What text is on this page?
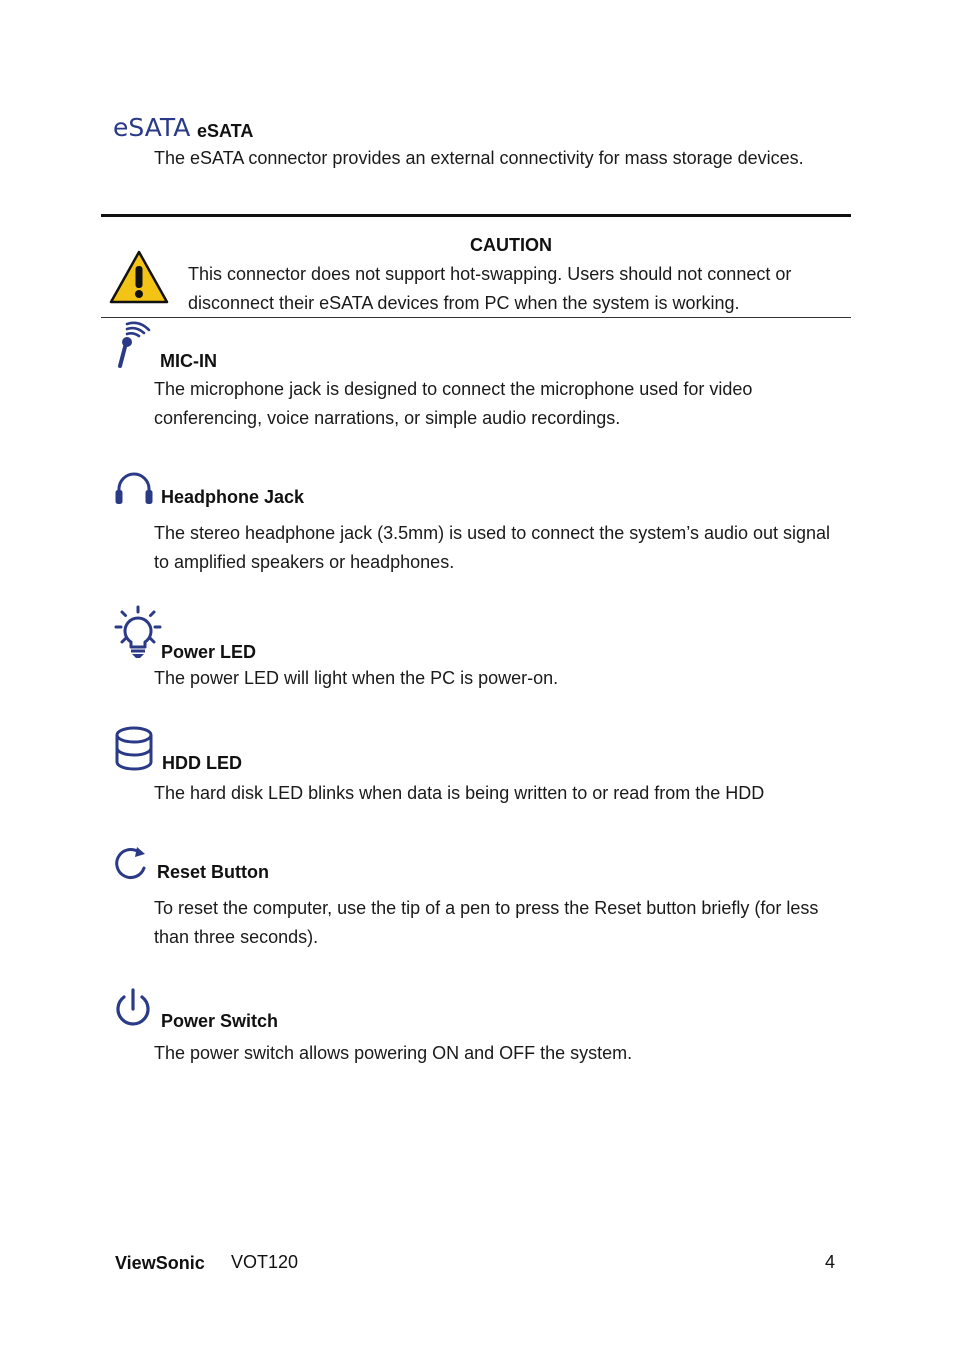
eSATA eSATA
The eSATA connector provides an external connectivity for mass storage devices.
CAUTION
This connector does not support hot-swapping. Users should not connect or disconnect their eSATA devices from PC when the system is working.
MIC-IN
The microphone jack is designed to connect the microphone used for video conferencing, voice narrations, or simple audio recordings.
Headphone Jack
The stereo headphone jack (3.5mm) is used to connect the system’s audio out signal to amplified speakers or headphones.
Power LED
The power LED will light when the PC is power-on.
HDD LED
The hard disk LED blinks when data is being written to or read from the HDD
Reset Button
To reset the computer, use the tip of a pen to press the Reset button briefly (for less than three seconds).
Power Switch
The power switch allows powering ON and OFF the system.
ViewSonic VOT120	4
